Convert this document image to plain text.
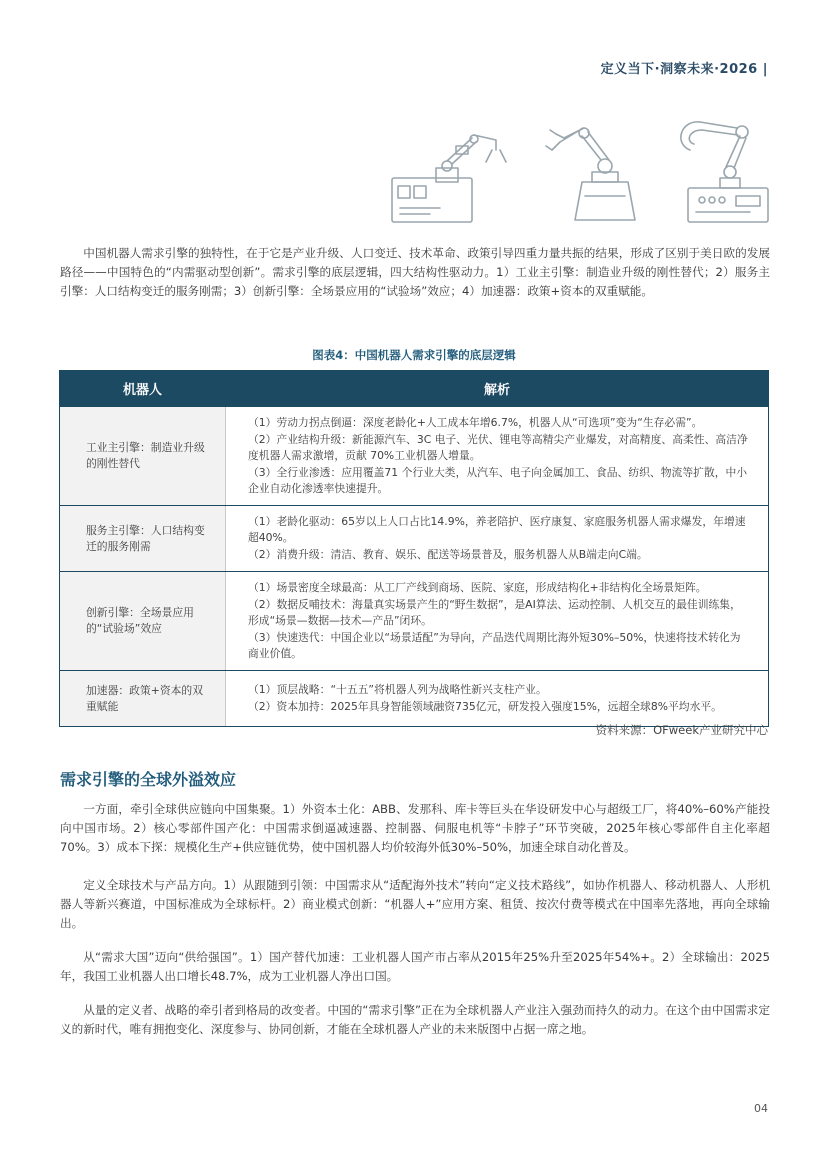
定义当下·洞察未来·2026 |

中国机器人需求引擎的独特性，在于它是产业升级、人口变迁、技术革命、政策引导四重力量共振的结果，形成了区别于美日欧的发展路径——中国特色的“内需驱动型创新”。需求引擎的底层逻辑，四大结构性驱动力。1）工业主引擎：制造业升级的刚性替代；2）服务主引擎：人口结构变迁的服务刚需；3）创新引擎：全场景应用的“试验场”效应；4）加速器：政策+资本的双重赋能。

图表4：中国机器人需求引擎的底层逻辑
机器人	解析
工业主引擎：制造业升级的刚性替代	（1）劳动力拐点倒逼：深度老龄化+人工成本年增6.7%，机器人从“可选项”变为“生存必需”。
（2）产业结构升级：新能源汽车、3C 电子、光伏、锂电等高精尖产业爆发，对高精度、高柔性、高洁净度机器人需求激增，贡献 70%工业机器人增量。
（3）全行业渗透：应用覆盖71 个行业大类，从汽车、电子向金属加工、食品、纺织、物流等扩散，中小企业自动化渗透率快速提升。

服务主引擎：人口结构变迁的服务刚需	（1）老龄化驱动：65岁以上人口占比14.9%，养老陪护、医疗康复、家庭服务机器人需求爆发，年增速超40%。
（2）消费升级：清洁、教育、娱乐、配送等场景普及，服务机器人从B端走向C端。

创新引擎：全场景应用的“试验场”效应	（1）场景密度全球最高：从工厂产线到商场、医院、家庭，形成结构化+非结构化全场景矩阵。
（2）数据反哺技术：海量真实场景产生的“野生数据”，是AI算法、运动控制、人机交互的最佳训练集，形成“场景—数据—技术—产品”闭环。
（3）快速迭代：中国企业以“场景适配”为导向，产品迭代周期比海外短30%–50%，快速将技术转化为商业价值。

加速器：政策+资本的双重赋能	（1）顶层战略：“十五五”将机器人列为战略性新兴支柱产业。
（2）资本加持：2025年具身智能领域融资735亿元，研发投入强度15%，远超全球8%平均水平。
资料来源：OFweek产业研究中心
需求引擎的全球外溢效应

一方面，牵引全球供应链向中国集聚。1）外资本土化：ABB、发那科、库卡等巨头在华设研发中心与超级工厂，将40%–60%产能投向中国市场。2）核心零部件国产化：中国需求倒逼减速器、控制器、伺服电机等“卡脖子”环节突破，2025年核心零部件自主化率超70%。3）成本下探：规模化生产+供应链优势，使中国机器人均价较海外低30%–50%，加速全球自动化普及。

定义全球技术与产品方向。1）从跟随到引领：中国需求从“适配海外技术”转向“定义技术路线”，如协作机器人、移动机器人、人形机器人等新兴赛道，中国标准成为全球标杆。2）商业模式创新：“机器人+”应用方案、租赁、按次付费等模式在中国率先落地，再向全球输出。

从“需求大国”迈向“供给强国”。1）国产替代加速：工业机器人国产市占率从2015年25%升至2025年54%+。2）全球输出：2025年，我国工业机器人出口增长48.7%，成为工业机器人净出口国。

从量的定义者、战略的牵引者到格局的改变者。中国的“需求引擎”正在为全球机器人产业注入强劲而持久的动力。在这个由中国需求定义的新时代，唯有拥抱变化、深度参与、协同创新，才能在全球机器人产业的未来版图中占据一席之地。

04
